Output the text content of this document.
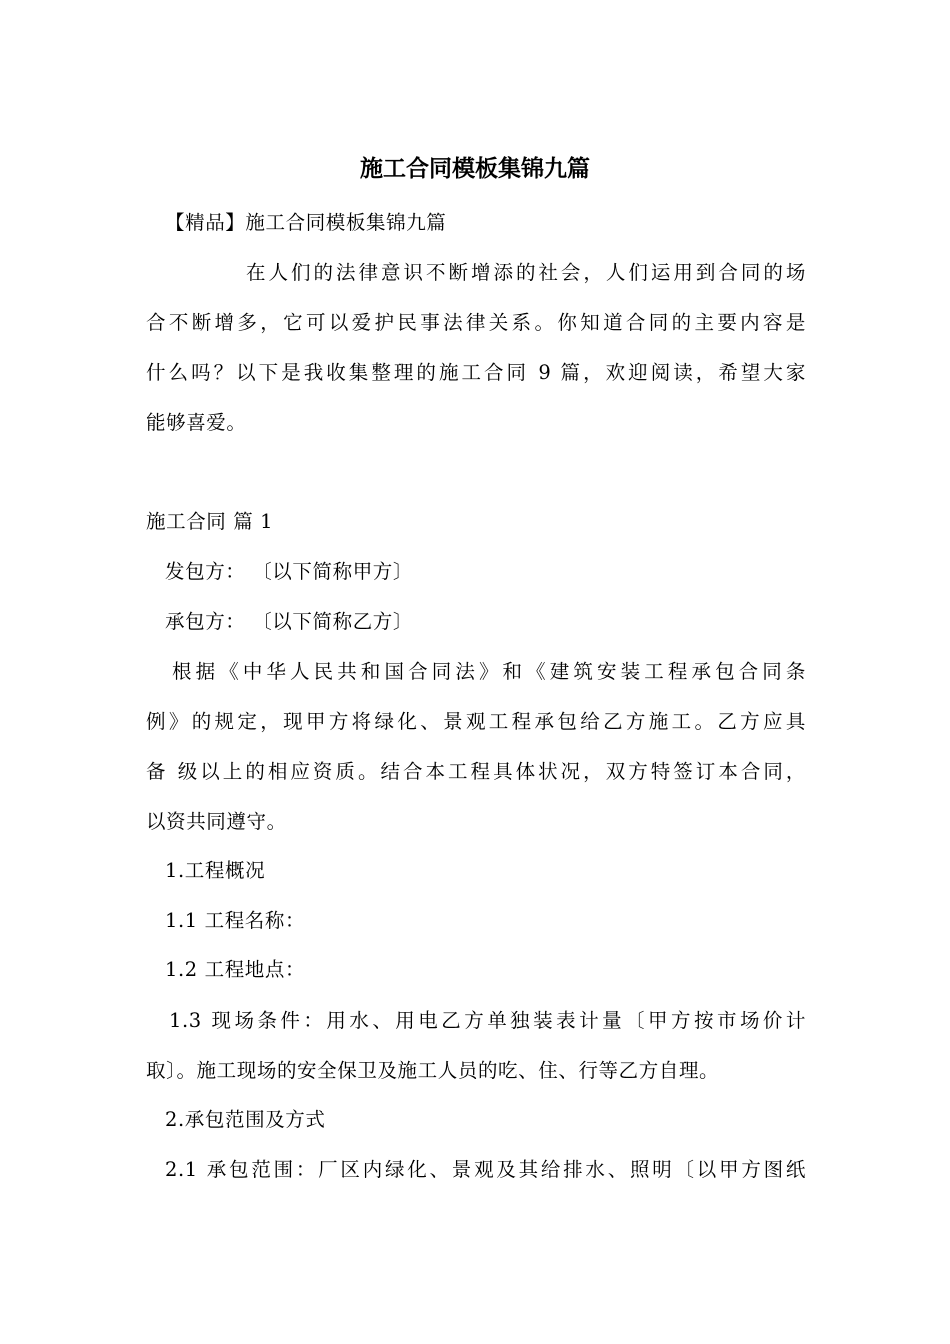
施工合同模板集锦九篇
【精品】施工合同模板集锦九篇
在人们的法律意识不断增添的社会，人们运用到合同的场
合不断增多，它可以爱护民事法律关系。你知道合同的主要内容是
什么吗？以下是我收集整理的施工合同 9 篇，欢迎阅读，希望大家
能够喜爱。
施工合同 篇 1
发包方： 〔以下简称甲方〕
承包方： 〔以下简称乙方〕
根据《中华人民共和国合同法》和《建筑安装工程承包合同条
例》的规定，现甲方将绿化、景观工程承包给乙方施工。乙方应具
备 级以上的相应资质。结合本工程具体状况，双方特签订本合同，
以资共同遵守。
1.工程概况
1.1 工程名称：
1.2 工程地点：
1.3 现场条件：用水、用电乙方单独装表计量〔甲方按市场价计
取〕。施工现场的安全保卫及施工人员的吃、住、行等乙方自理。
2.承包范围及方式
2.1 承包范围：厂区内绿化、景观及其给排水、照明〔以甲方图纸
